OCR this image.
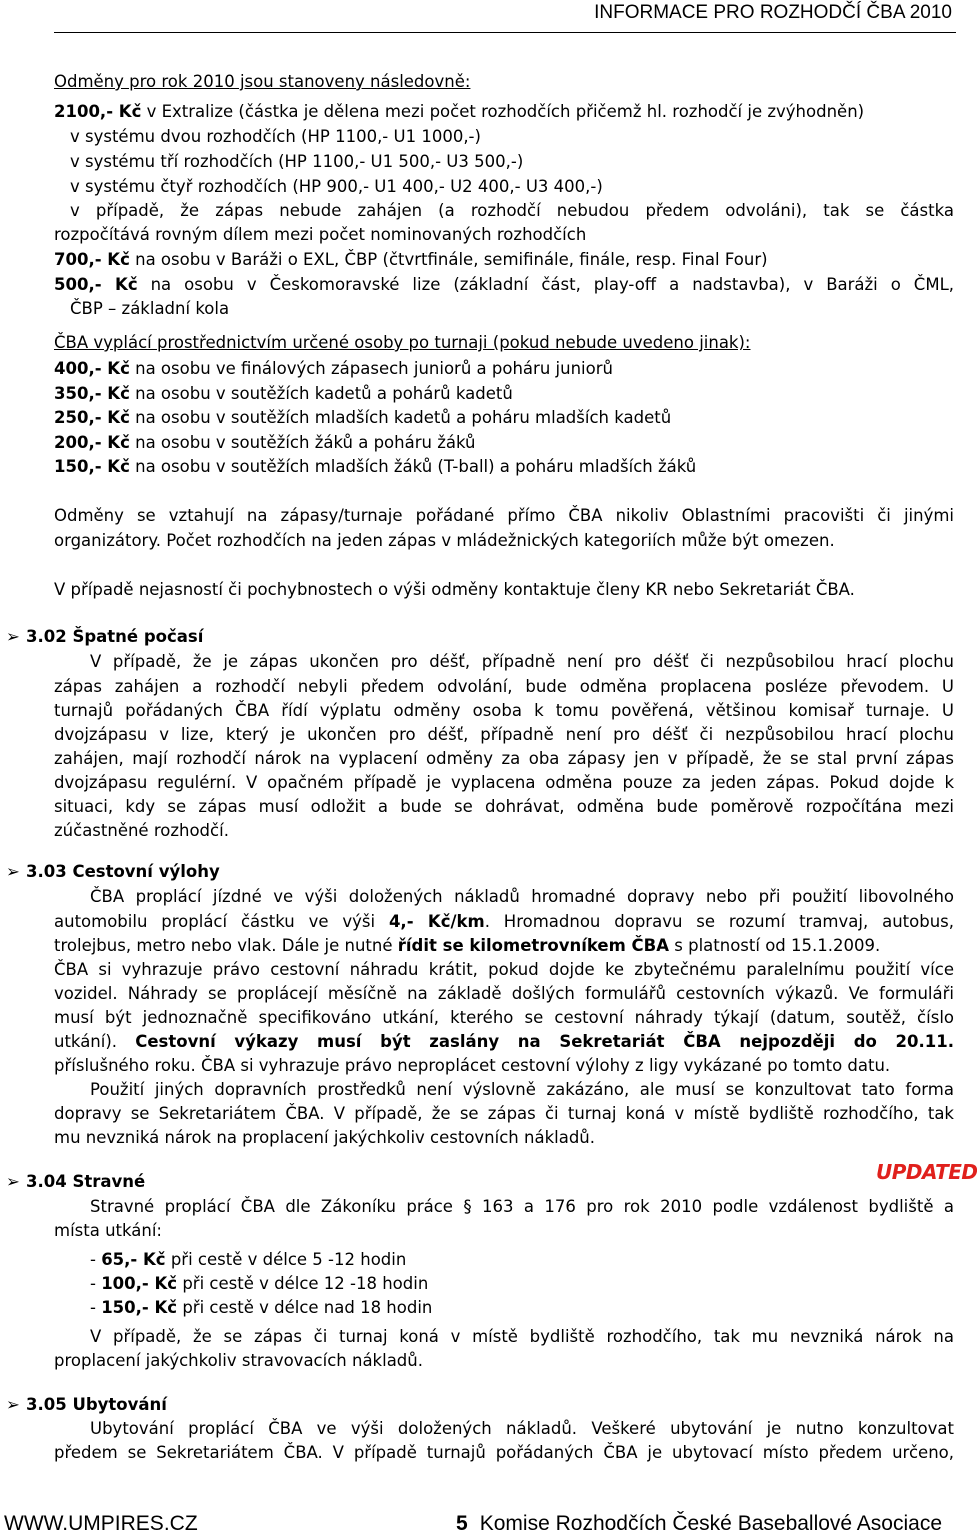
INFORMACE PRO ROZHODČÍ ČBA 2010
Odměny pro rok 2010 jsou stanoveny následovně:
2100,- Kč v Extralize (částka je dělena mezi počet rozhodčích přičemž hl. rozhodčí je zvýhodněn)
v systému dvou rozhodčích (HP 1100,- U1 1000,-)
v systému tří rozhodčích (HP 1100,- U1 500,- U3 500,-)
v systému čtyř rozhodčích (HP 900,- U1 400,- U2 400,- U3 400,-)
v případě, že zápas nebude zahájen (a rozhodčí nebudou předem odvoláni), tak se částka
rozpočítává rovným dílem mezi počet nominovaných rozhodčích
700,- Kč na osobu v Baráži o EXL, ČBP (čtvrtfinále, semifinále, finále, resp. Final Four)
500,- Kč na osobu v Českomoravské lize (základní část, play-off a nadstavba), v Baráži o ČML,
ČBP – základní kola
ČBA vyplácí prostřednictvím určené osoby po turnaji (pokud nebude uvedeno jinak):
400,- Kč na osobu ve finálových zápasech juniorů a poháru juniorů
350,- Kč na osobu v soutěžích kadetů a pohárů kadetů
250,- Kč na osobu v soutěžích mladších kadetů a poháru mladších kadetů
200,- Kč na osobu v soutěžích žáků a poháru žáků
150,- Kč na osobu v soutěžích mladších žáků (T-ball) a poháru mladších žáků
Odměny se vztahují na zápasy/turnaje pořádané přímo ČBA nikoliv Oblastními pracovišti či jinými
organizátory. Počet rozhodčích na jeden zápas v mládežnických kategoriích může být omezen.
V případě nejasností či pochybnostech o výši odměny kontaktuje členy KR nebo Sekretariát ČBA.
➢ 3.02 Špatné počasí
V případě, že je zápas ukončen pro déšť, případně není pro déšť či nezpůsobilou hrací plochu
zápas zahájen a rozhodčí nebyli předem odvolání, bude odměna proplacena posléze převodem. U
turnajů pořádaných ČBA řídí výplatu odměny osoba k tomu pověřená, většinou komisař turnaje. U
dvojzápasu v lize, který je ukončen pro déšť, případně není pro déšť či nezpůsobilou hrací plochu
zahájen, mají rozhodčí nárok na vyplacení odměny za oba zápasy jen v případě, že se stal první zápas
dvojzápasu regulérní. V opačném případě je vyplacena odměna pouze za jeden zápas. Pokud dojde k
situaci, kdy se zápas musí odložit a bude se dohrávat, odměna bude poměrově rozpočítána mezi
zúčastněné rozhodčí.
➢ 3.03 Cestovní výlohy
ČBA proplácí jízdné ve výši doložených nákladů hromadné dopravy nebo při použití libovolného
automobilu proplácí částku ve výši 4,- Kč/km. Hromadnou dopravu se rozumí tramvaj, autobus,
trolejbus, metro nebo vlak. Dále je nutné řídit se kilometrovníkem ČBA s platností od 15.1.2009.
ČBA si vyhrazuje právo cestovní náhradu krátit, pokud dojde ke zbytečnému paralelnímu použití více
vozidel. Náhrady se proplácejí měsíčně na základě došlých formulářů cestovních výkazů. Ve formuláři
musí být jednoznačně specifikováno utkání, kterého se cestovní náhrady týkají (datum, soutěž, číslo
utkání). Cestovní výkazy musí být zaslány na Sekretariát ČBA nejpozději do 20.11.
příslušného roku. ČBA si vyhrazuje právo neproplácet cestovní výlohy z ligy vykázané po tomto datu.
Použití jiných dopravních prostředků není výslovně zakázáno, ale musí se konzultovat tato forma
dopravy se Sekretariátem ČBA. V případě, že se zápas či turnaj koná v místě bydliště rozhodčího, tak
mu nevzniká nárok na proplacení jakýchkoliv cestovních nákladů.
➢ 3.04 Stravné	UPDATED
Stravné proplácí ČBA dle Zákoníku práce § 163 a 176 pro rok 2010 podle vzdálenost bydliště a
místa utkání:
- 65,- Kč při cestě v délce 5 -12 hodin
- 100,- Kč při cestě v délce 12 -18 hodin
- 150,- Kč při cestě v délce nad 18 hodin
V případě, že se zápas či turnaj koná v místě bydliště rozhodčího, tak mu nevzniká nárok na
proplacení jakýchkoliv stravovacích nákladů.
➢ 3.05 Ubytování
Ubytování proplácí ČBA ve výši doložených nákladů. Veškeré ubytování je nutno konzultovat
předem se Sekretariátem ČBA. V případě turnajů pořádaných ČBA je ubytovací místo předem určeno,
WWW.UMPIRES.CZ	5 Komise Rozhodčích České Baseballové Asociace
